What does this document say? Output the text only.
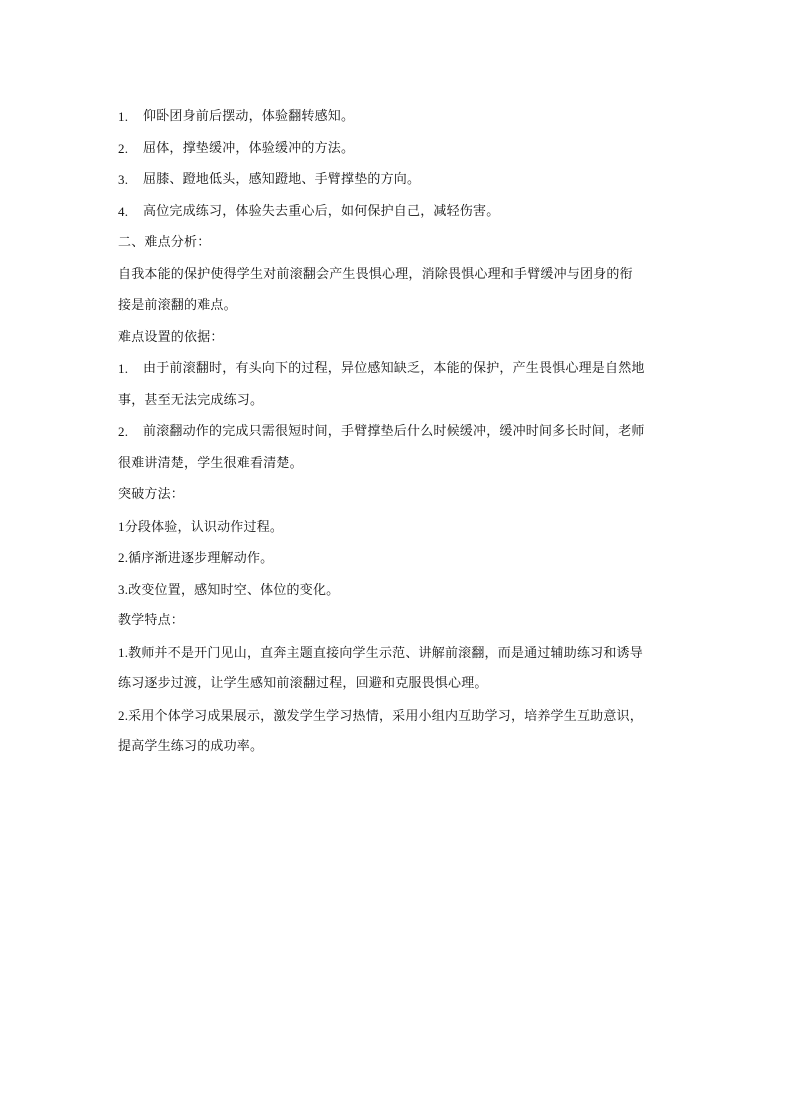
1.	仰卧团身前后摆动，体验翻转感知。
2.	屈体，撑垫缓冲，体验缓冲的方法。
3.	屈膝、蹬地低头，感知蹬地、手臂撑垫的方向。
4.	高位完成练习，体验失去重心后，如何保护自己，减轻伤害。
二、难点分析：
自我本能的保护使得学生对前滚翻会产生畏惧心理，消除畏惧心理和手臂缓冲与团身的衔
接是前滚翻的难点。
难点设置的依据：
1.	由于前滚翻时，有头向下的过程，异位感知缺乏，本能的保护，产生畏惧心理是自然地
事，甚至无法完成练习。
2.	前滚翻动作的完成只需很短时间，手臂撑垫后什么时候缓冲，缓冲时间多长时间，老师
很难讲清楚，学生很难看清楚。
突破方法：
1分段体验，认识动作过程。
2.循序渐进逐步理解动作。
3.改变位置，感知时空、体位的变化。
教学特点：
1.教师并不是开门见山，直奔主题直接向学生示范、讲解前滚翻，而是通过辅助练习和诱导
练习逐步过渡，让学生感知前滚翻过程，回避和克服畏惧心理。
2.采用个体学习成果展示，激发学生学习热情，采用小组内互助学习，培养学生互助意识，
提高学生练习的成功率。
